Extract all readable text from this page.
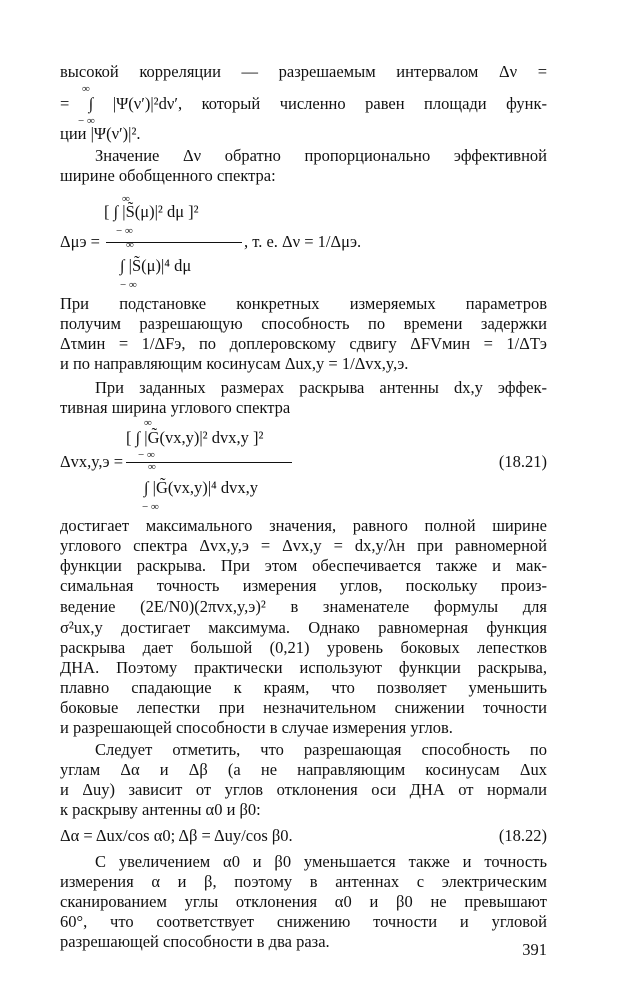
высокой корреляции — разрешаемым интервалом Δν =
∞
= ∫ |Ψ(ν′)|²dν′, который численно равен площади функ-
− ∞
ции |Ψ(ν′)|².
Значение Δν обратно пропорционально эффективной
ширине обобщенного спектра:
∞
[ ∫ |S̃(μ)|² dμ ]²
− ∞
Δμэ =	, т. е. Δν = 1/Δμэ.
∞
∫ |S̃(μ)|⁴ dμ
− ∞
При подстановке конкретных измеряемых параметров
получим разрешающую способность по времени задержки
Δτмин = 1/ΔFэ, по доплеровскому сдвигу ΔFVмин = 1/ΔTэ
и по направляющим косинусам Δux,y = 1/Δvx,y,э.
При заданных размерах раскрыва антенны dx,y эффек-
тивная ширина углового спектра
∞
[ ∫ |G̃(vx,y)|² dvx,y ]²
− ∞
Δvx,y,э =	(18.21)
∞
∫ |G̃(vx,y)|⁴ dvx,y
− ∞
достигает максимального значения, равного полной ширине
углового спектра Δvx,y,э = Δvx,y = dx,y/λн при равномерной
функции раскрыва. При этом обеспечивается также и мак-
симальная точность измерения углов, поскольку произ-
ведение (2E/N0)(2πvx,y,э)² в знаменателе формулы для
σ²ux,y достигает максимума. Однако равномерная функция
раскрыва дает большой (0,21) уровень боковых лепестков
ДНА. Поэтому практически используют функции раскрыва,
плавно спадающие к краям, что позволяет уменьшить
боковые лепестки при незначительном снижении точности
и разрешающей способности в случае измерения углов.
Следует отметить, что разрешающая способность по
углам Δα и Δβ (а не направляющим косинусам Δux
и Δuy) зависит от углов отклонения оси ДНА от нормали
к раскрыву антенны α0 и β0:
Δα = Δux/cos α0; Δβ = Δuy/cos β0.	(18.22)
С увеличением α0 и β0 уменьшается также и точность
измерения α и β, поэтому в антеннах с электрическим
сканированием углы отклонения α0 и β0 не превышают
60°, что соответствует снижению точности и угловой
разрешающей способности в два раза.	391
